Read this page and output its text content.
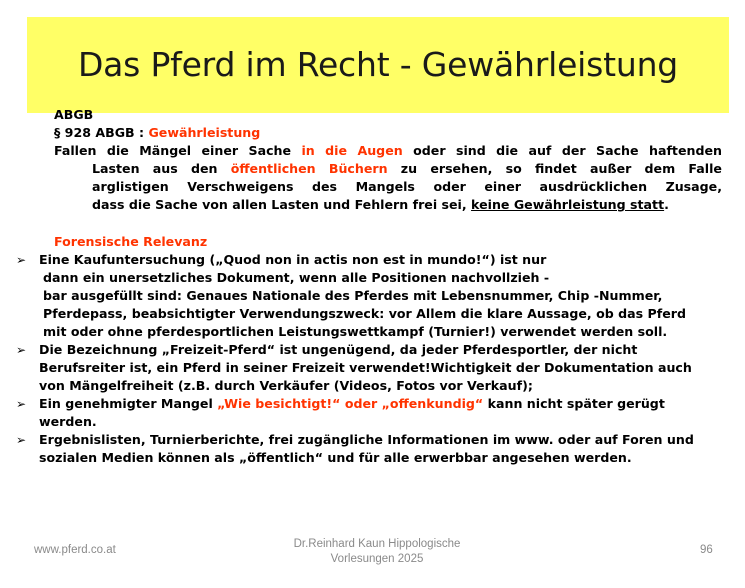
Das Pferd im Recht - Gewährleistung
ABGB
§ 928 ABGB : Gewährleistung
Fallen die Mängel einer Sache in die Augen oder sind die auf der Sache haftenden
Lasten aus den öffentlichen Büchern zu ersehen, so findet außer dem Falle
arglistigen Verschweigens des Mangels oder einer ausdrücklichen Zusage,
dass die Sache von allen Lasten und Fehlern frei sei, keine Gewährleistung statt.
Forensische Relevanz
➢ Eine Kaufuntersuchung („Quod non in actis non est in mundo!“) ist nur
dann ein unersetzliches Dokument, wenn alle Positionen nachvollzieh -
bar ausgefüllt sind: Genaues Nationale des Pferdes mit Lebensnummer, Chip -Nummer,
Pferdepass, beabsichtigter Verwendungszweck: vor Allem die klare Aussage, ob das Pferd
mit oder ohne pferdesportlichen Leistungswettkampf (Turnier!) verwendet werden soll.
➢ Die Bezeichnung „Freizeit-Pferd“ ist ungenügend, da jeder Pferdesportler, der nicht
Berufsreiter ist, ein Pferd in seiner Freizeit verwendet!Wichtigkeit der Dokumentation auch
von Mängelfreiheit (z.B. durch Verkäufer (Videos, Fotos vor Verkauf);
➢ Ein genehmigter Mangel „Wie besichtigt!“ oder „offenkundig“ kann nicht später gerügt
werden.
➢ Ergebnislisten, Turnierberichte, frei zugängliche Informationen im www. oder auf Foren und
sozialen Medien können als „öffentlich“ und für alle erwerbbar angesehen werden.
www.pferd.co.at	Dr.Reinhard Kaun Hippologische
Vorlesungen 2025
96
